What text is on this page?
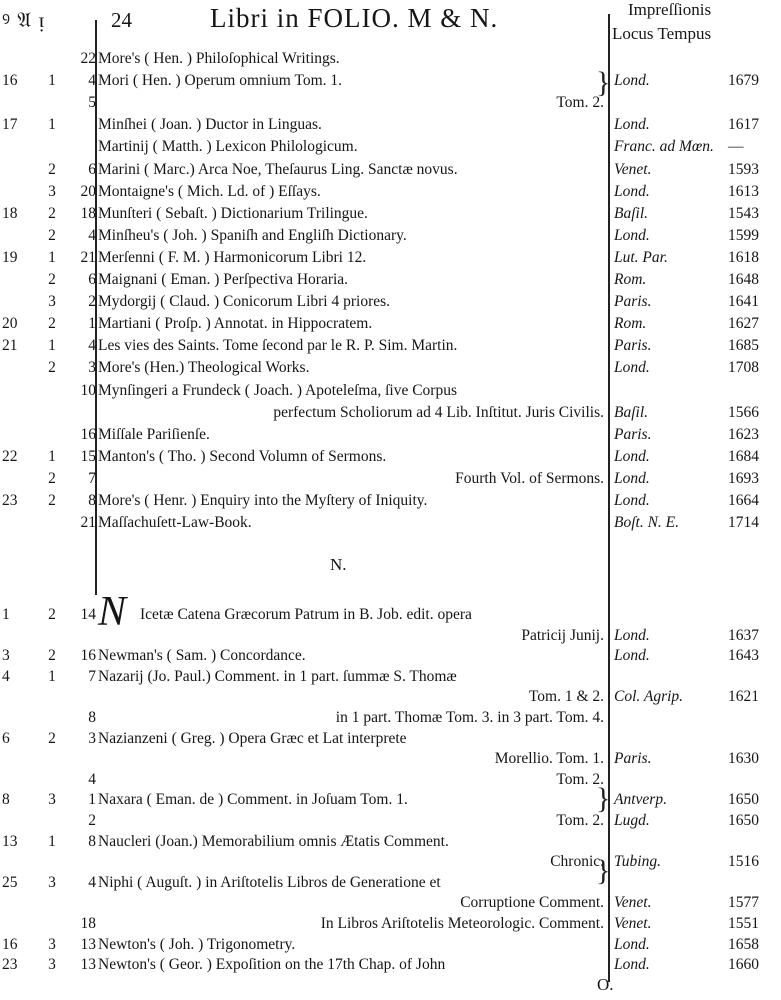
ꝰ 𝔄 ᴉ	24	Libri in FOLIO. M & N.	Impreſſionis
Locus Tempus
22 More's ( Hen. ) Philoſophical Writings.
16	1	4 Mori ( Hen. ) Operum omnium Tom. 1.	Lond.	1679
5	Tom. 2.
17	1	Minſhei ( Joan. ) Ductor in Linguas.	Lond.	1617
Martinij ( Matth. ) Lexicon Philologicum.	Franc. ad Mœn. —
2	6 Marini ( Marc.) Arca Noe, Theſaurus Ling. Sanctæ novus.	Venet.	1593
3	20 Montaigne's ( Mich. Ld. of ) Eſſays.	Lond.	1613
18	2	18 Munſteri ( Sebaſt. ) Dictionarium Trilingue.	Baſil.	1543
2	4 Minſheu's ( Joh. ) Spaniſh and Engliſh Dictionary.	Lond.	1599
19	1	21 Merſenni ( F. M. ) Harmonicorum Libri 12.	Lut. Par.	1618
2	6 Maignani ( Eman. ) Perſpectiva Horaria.	Rom.	1648
3	2 Mydorgij ( Claud. ) Conicorum Libri 4 priores.	Paris.	1641
20	2	1 Martiani ( Proſp. ) Annotat. in Hippocratem.	Rom.	1627
21	1	4 Les vies des Saints. Tome ſecond par le R. P. Sim. Martin.	Paris.	1685
2	3 More's (Hen.) Theological Works.	Lond.	1708
10 Mynſingeri a Frundeck ( Joach. ) Apoteleſma, ſive Corpus
perfectum Scholiorum ad 4 Lib. Inſtitut. Juris Civilis. Baſil.	1566
16 Miſſale Pariſienſe.	Paris.	1623
22	1	15 Manton's ( Tho. ) Second Volumn of Sermons.	Lond.	1684
2	7	Fourth Vol. of Sermons. Lond.	1693
23	2	8 More's ( Henr. ) Enquiry into the Myſtery of Iniquity.	Lond.	1664
21 Maſſachuſett-Law-Book.	Boſt. N. E.	1714
N.
N
1	2	14	Icetæ Catena Græcorum Patrum in B. Job. edit. opera
Patricij Junij. Lond.	1637
3	2	16 Newman's ( Sam. ) Concordance.	Lond.	1643
4	1	7 Nazarij (Jo. Paul.) Comment. in 1 part. ſummæ S. Thomæ
Tom. 1 & 2. Col. Agrip.	1621
8	in 1 part. Thomæ Tom. 3. in 3 part. Tom. 4.
6	2	3 Nazianzeni ( Greg. ) Opera Græc et Lat interprete
Morellio. Tom. 1. Paris.	1630
4	Tom. 2.
8	3	1 Naxara ( Eman. de ) Comment. in Joſuam Tom. 1.	Antverp.	1650
2	Tom. 2. Lugd.	1650
13	1	8 Naucleri (Joan.) Memorabilium omnis Ætatis Comment.
Chronic. Tubing.	1516
25	3	4 Niphi ( Auguſt. ) in Ariſtotelis Libros de Generatione et
Corruptione Comment. Venet.	1577
18	In Libros Ariſtotelis Meteorologic. Comment. Venet.	1551
16	3	13 Newton's ( Joh. ) Trigonometry.	Lond.	1658
23	3	13 Newton's ( Geor. ) Expoſition on the 17th Chap. of John	Lond.	1660
}
}
}
O.
